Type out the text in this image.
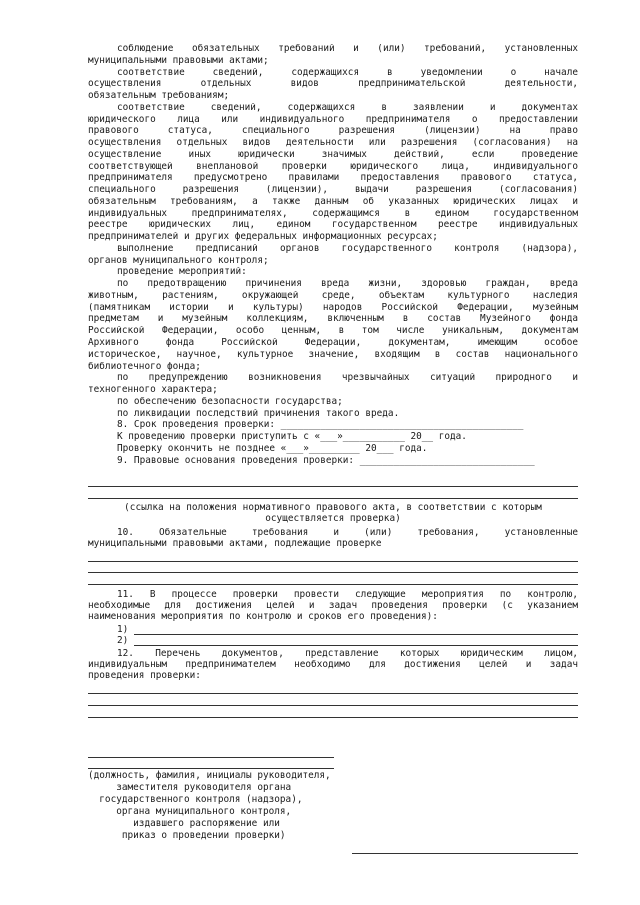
соблюдение обязательных требований и (или) требований, установленных
муниципальными правовыми актами;
соответствие сведений, содержащихся в уведомлении о начале
осуществления отдельных видов предпринимательской деятельности,
обязательным требованиям;
соответствие сведений, содержащихся в заявлении и документах
юридического лица или индивидуального предпринимателя о предоставлении
правового статуса, специального разрешения (лицензии) на право
осуществления отдельных видов деятельности или разрешения (согласования) на
осуществление иных юридически значимых действий, если проведение
соответствующей внеплановой проверки юридического лица, индивидуального
предпринимателя предусмотрено правилами предоставления правового статуса,
специального разрешения (лицензии), выдачи разрешения (согласования)
обязательным требованиям, а также данным об указанных юридических лицах и
индивидуальных предпринимателях, содержащимся в едином государственном
реестре юридических лиц, едином государственном реестре индивидуальных
предпринимателей и других федеральных информационных ресурсах;
выполнение предписаний органов государственного контроля (надзора),
органов муниципального контроля;
проведение мероприятий:
по предотвращению причинения вреда жизни, здоровью граждан, вреда
животным, растениям, окружающей среде, объектам культурного наследия
(памятникам истории и культуры) народов Российской Федерации, музейным
предметам и музейным коллекциям, включенным в состав Музейного фонда
Российской Федерации, особо ценным, в том числе уникальным, документам
Архивного фонда Российской Федерации, документам, имеющим особое
историческое, научное, культурное значение, входящим в состав национального
библиотечного фонда;
по предупреждению возникновения чрезвычайных ситуаций природного и
техногенного характера;
по обеспечению безопасности государства;
по ликвидации последствий причинения такого вреда.
8. Срок проведения проверки: ___________________________________________
К проведению проверки приступить с «___»___________ 20__ года.
Проверку окончить не позднее «___»_________ 20___ года.
9. Правовые основания проведения проверки: _______________________________
(ссылка на положения нормативного правового акта, в соответствии с которым
осуществляется проверка)
10. Обязательные требования и (или) требования, установленные
муниципальными правовыми актами, подлежащие проверке
11. В процессе проверки провести следующие мероприятия по контролю,
необходимые для достижения целей и задач проведения проверки (с указанием
наименования мероприятия по контролю и сроков его проведения):
1)
2)
12. Перечень документов, представление которых юридическим лицом,
индивидуальным предпринимателем необходимо для достижения целей и задач
проведения проверки:
(должность, фамилия, инициалы руководителя,
заместителя руководителя органа
государственного контроля (надзора),
органа муниципального контроля,
издавшего распоряжение или
приказ о проведении проверки)
